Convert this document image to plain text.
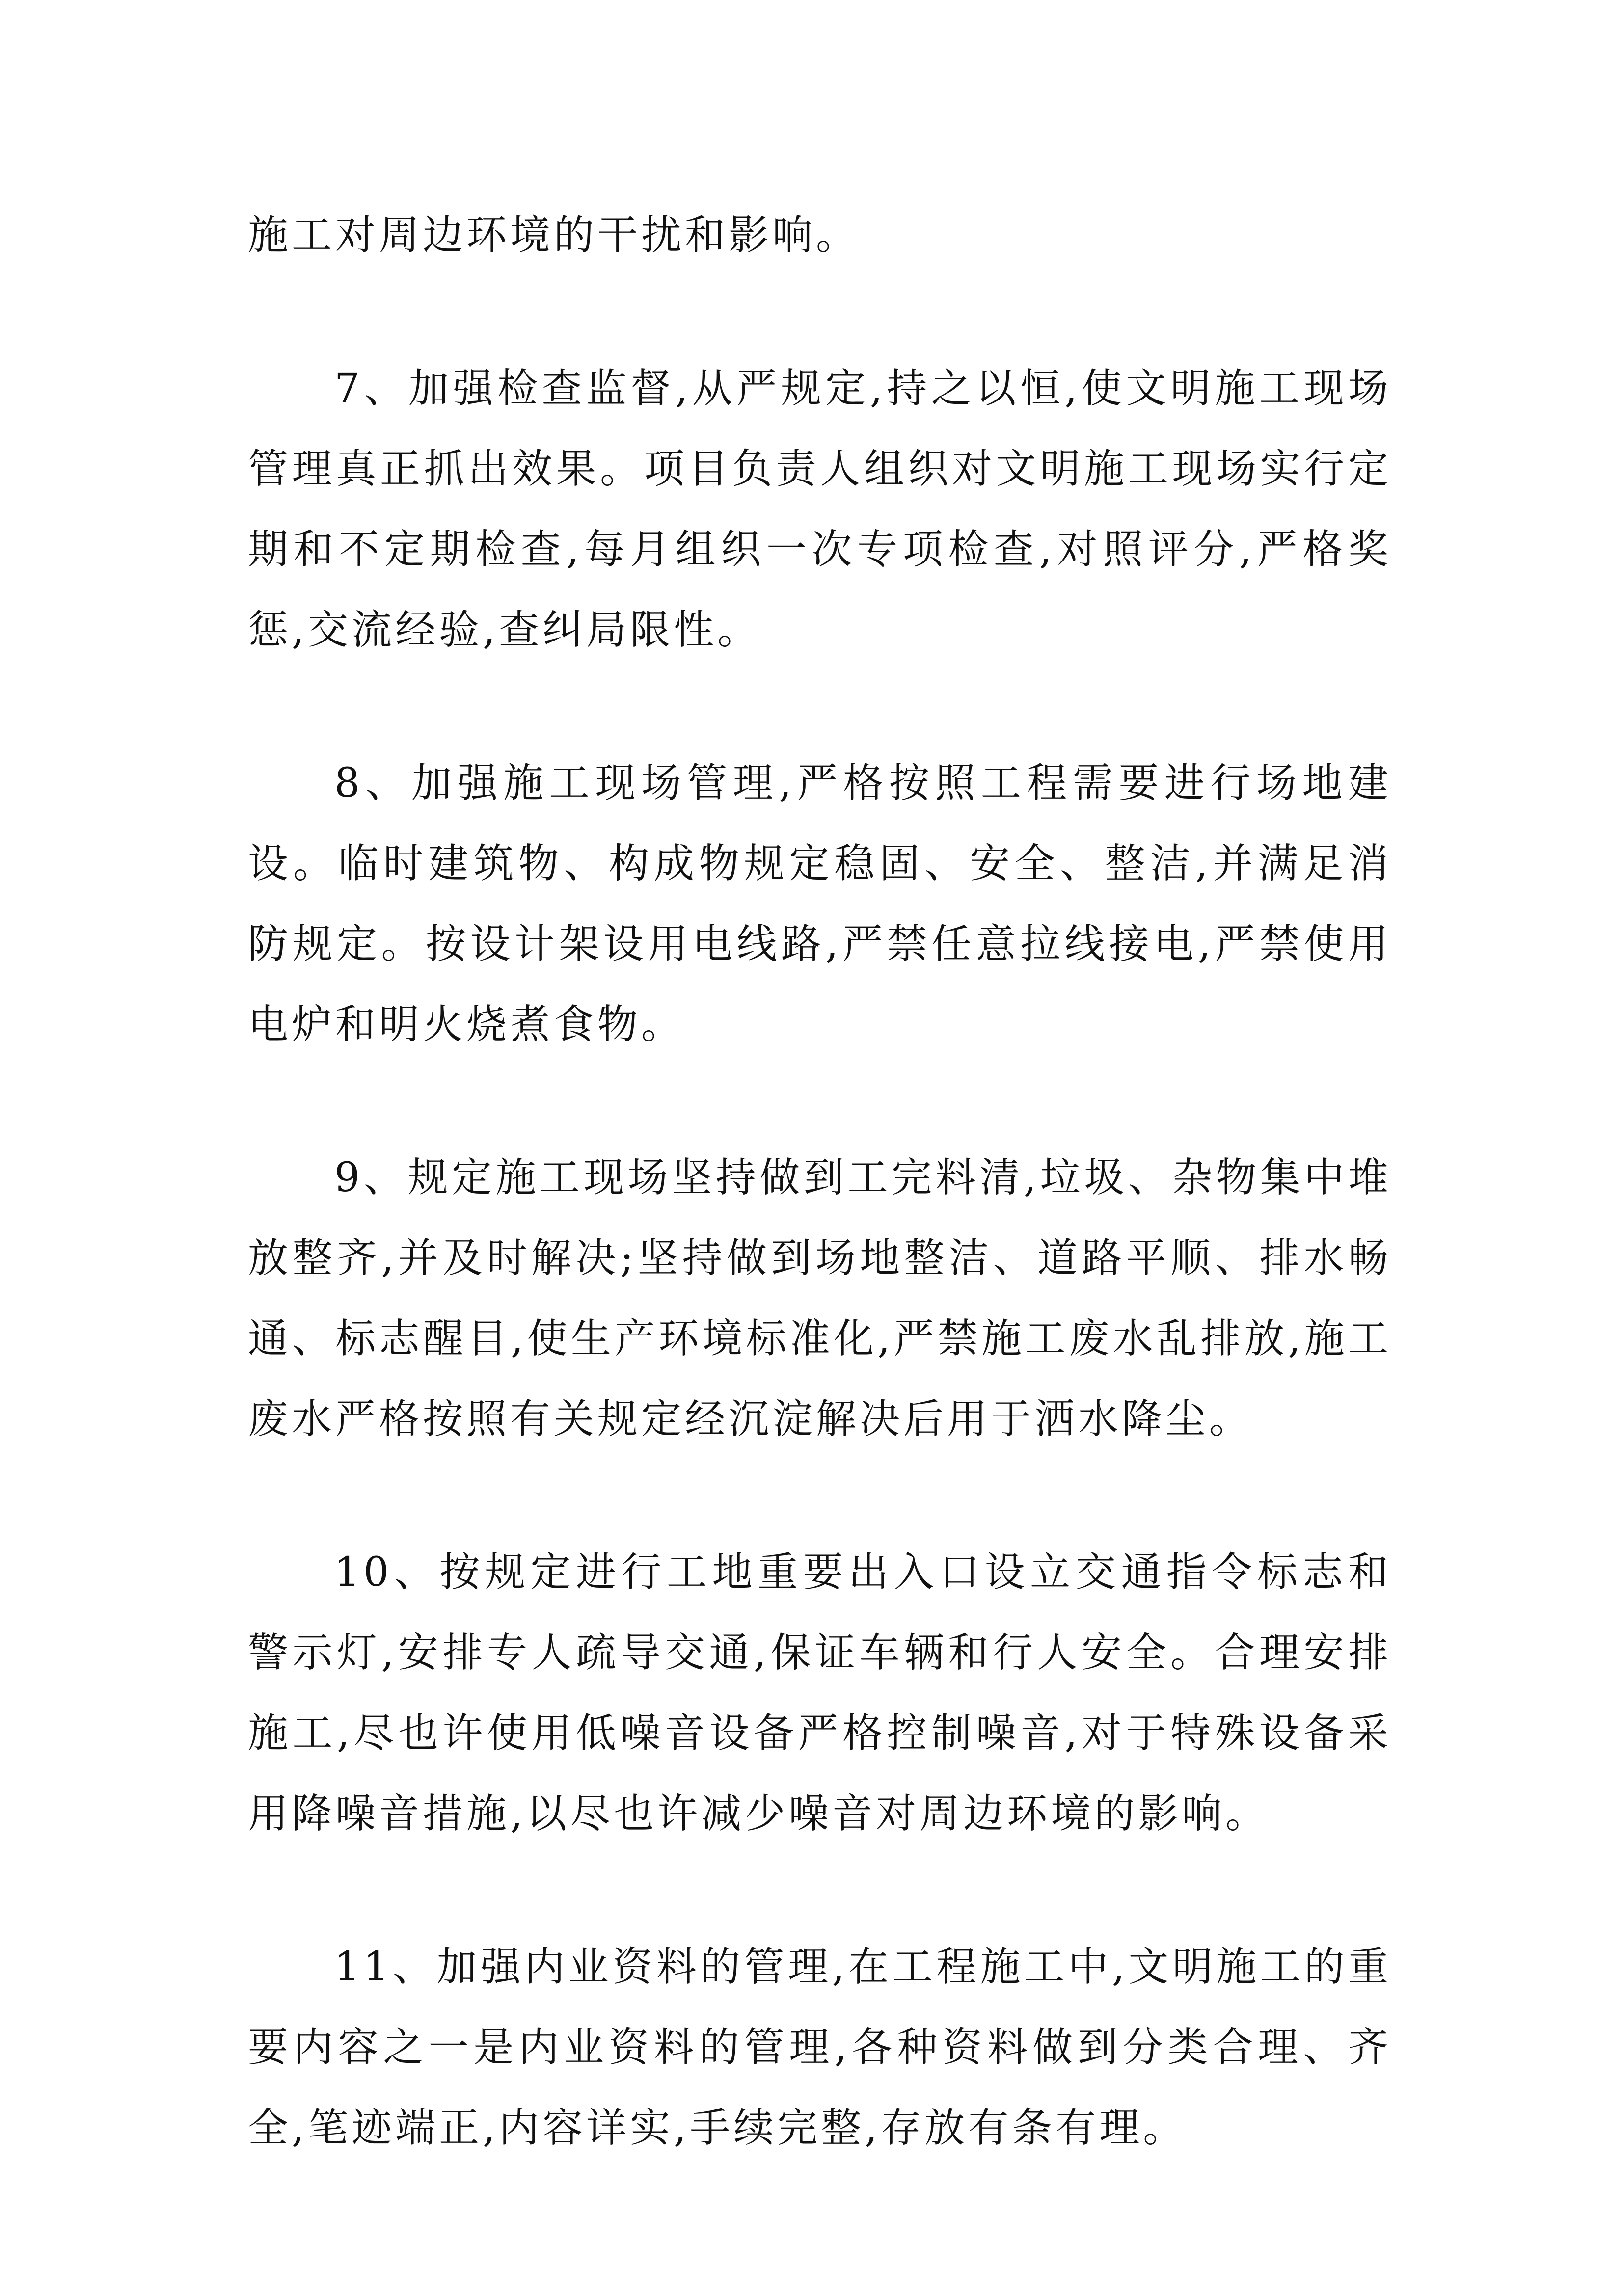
施工对周边环境的干扰和影响。

7、加强检查监督,从严规定,持之以恒,使文明施工现场管理真正抓出效果。项目负责人组织对文明施工现场实行定期和不定期检查,每月组织一次专项检查,对照评分,严格奖惩,交流经验,查纠局限性。

8、加强施工现场管理,严格按照工程需要进行场地建设。临时建筑物、构成物规定稳固、安全、整洁,并满足消防规定。按设计架设用电线路,严禁任意拉线接电,严禁使用电炉和明火烧煮食物。

9、规定施工现场坚持做到工完料清,垃圾、杂物集中堆放整齐,并及时解决;坚持做到场地整洁、道路平顺、排水畅通、标志醒目,使生产环境标准化,严禁施工废水乱排放,施工废水严格按照有关规定经沉淀解决后用于洒水降尘。

10、按规定进行工地重要出入口设立交通指令标志和警示灯,安排专人疏导交通,保证车辆和行人安全。合理安排施工,尽也许使用低噪音设备严格控制噪音,对于特殊设备采用降噪音措施,以尽也许减少噪音对周边环境的影响。

11、加强内业资料的管理,在工程施工中,文明施工的重要内容之一是内业资料的管理,各种资料做到分类合理、齐全,笔迹端正,内容详实,手续完整,存放有条有理。
